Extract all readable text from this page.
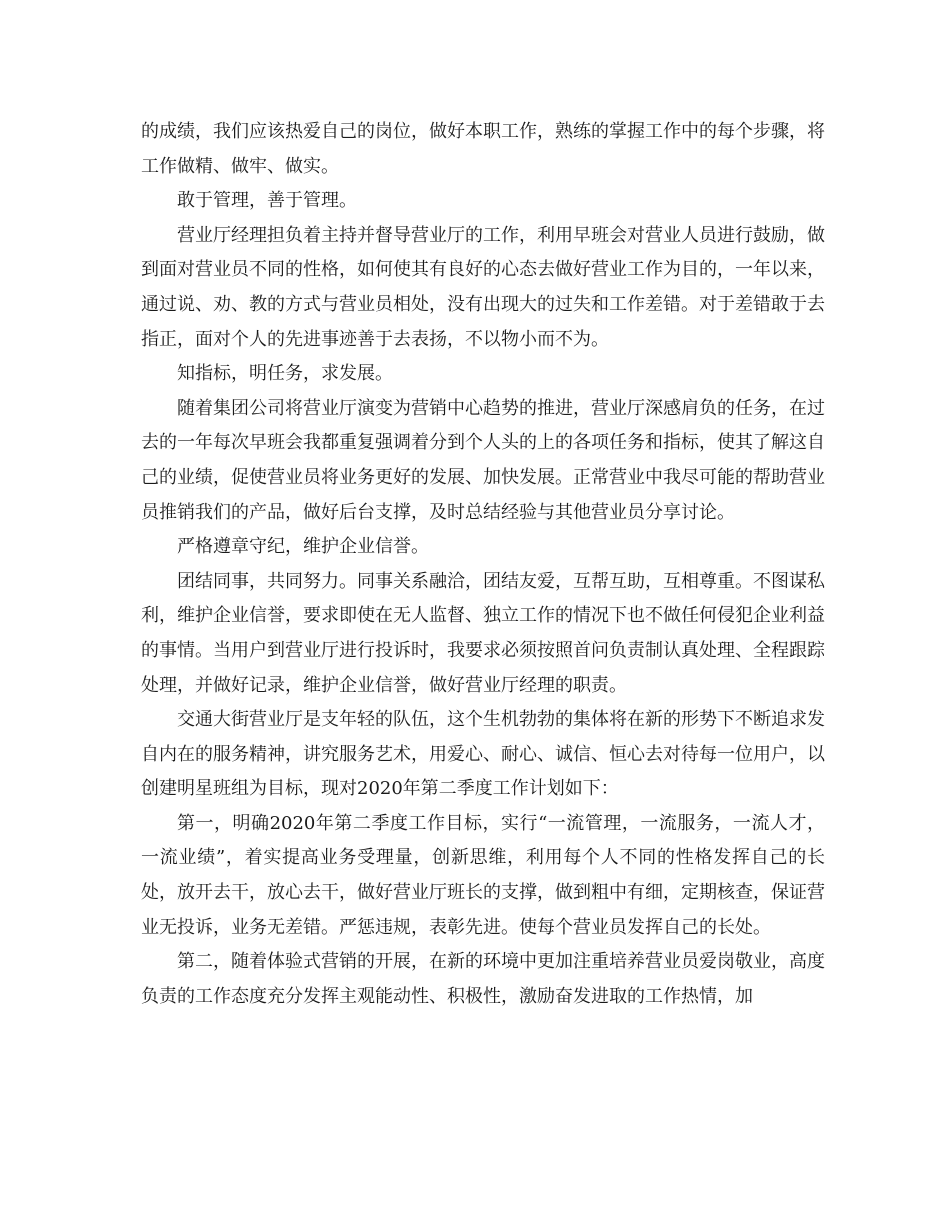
的成绩，我们应该热爱自己的岗位，做好本职工作，熟练的掌握工作中的每个步骤，将工作做精、做牢、做实。

敢于管理，善于管理。

营业厅经理担负着主持并督导营业厅的工作，利用早班会对营业人员进行鼓励，做到面对营业员不同的性格，如何使其有良好的心态去做好营业工作为目的，一年以来，通过说、劝、教的方式与营业员相处，没有出现大的过失和工作差错。对于差错敢于去指正，面对个人的先进事迹善于去表扬，不以物小而不为。

知指标，明任务，求发展。

随着集团公司将营业厅演变为营销中心趋势的推进，营业厅深感肩负的任务，在过去的一年每次早班会我都重复强调着分到个人头的上的各项任务和指标，使其了解这自己的业绩，促使营业员将业务更好的发展、加快发展。正常营业中我尽可能的帮助营业员推销我们的产品，做好后台支撑，及时总结经验与其他营业员分享讨论。

严格遵章守纪，维护企业信誉。

团结同事，共同努力。同事关系融洽，团结友爱，互帮互助，互相尊重。不图谋私利，维护企业信誉，要求即使在无人监督、独立工作的情况下也不做任何侵犯企业利益的事情。当用户到营业厅进行投诉时，我要求必须按照首问负责制认真处理、全程跟踪处理，并做好记录，维护企业信誉，做好营业厅经理的职责。

交通大街营业厅是支年轻的队伍，这个生机勃勃的集体将在新的形势下不断追求发自内在的服务精神，讲究服务艺术，用爱心、耐心、诚信、恒心去对待每一位用户，以创建明星班组为目标，现对2020年第二季度工作计划如下：

第一，明确2020年第二季度工作目标，实行“一流管理，一流服务，一流人才，一流业绩”，着实提高业务受理量，创新思维，利用每个人不同的性格发挥自己的长处，放开去干，放心去干，做好营业厅班长的支撑，做到粗中有细，定期核查，保证营业无投诉，业务无差错。严惩违规，表彰先进。使每个营业员发挥自己的长处。

第二，随着体验式营销的开展，在新的环境中更加注重培养营业员爱岗敬业，高度负责的工作态度充分发挥主观能动性、积极性，激励奋发进取的工作热情，加
